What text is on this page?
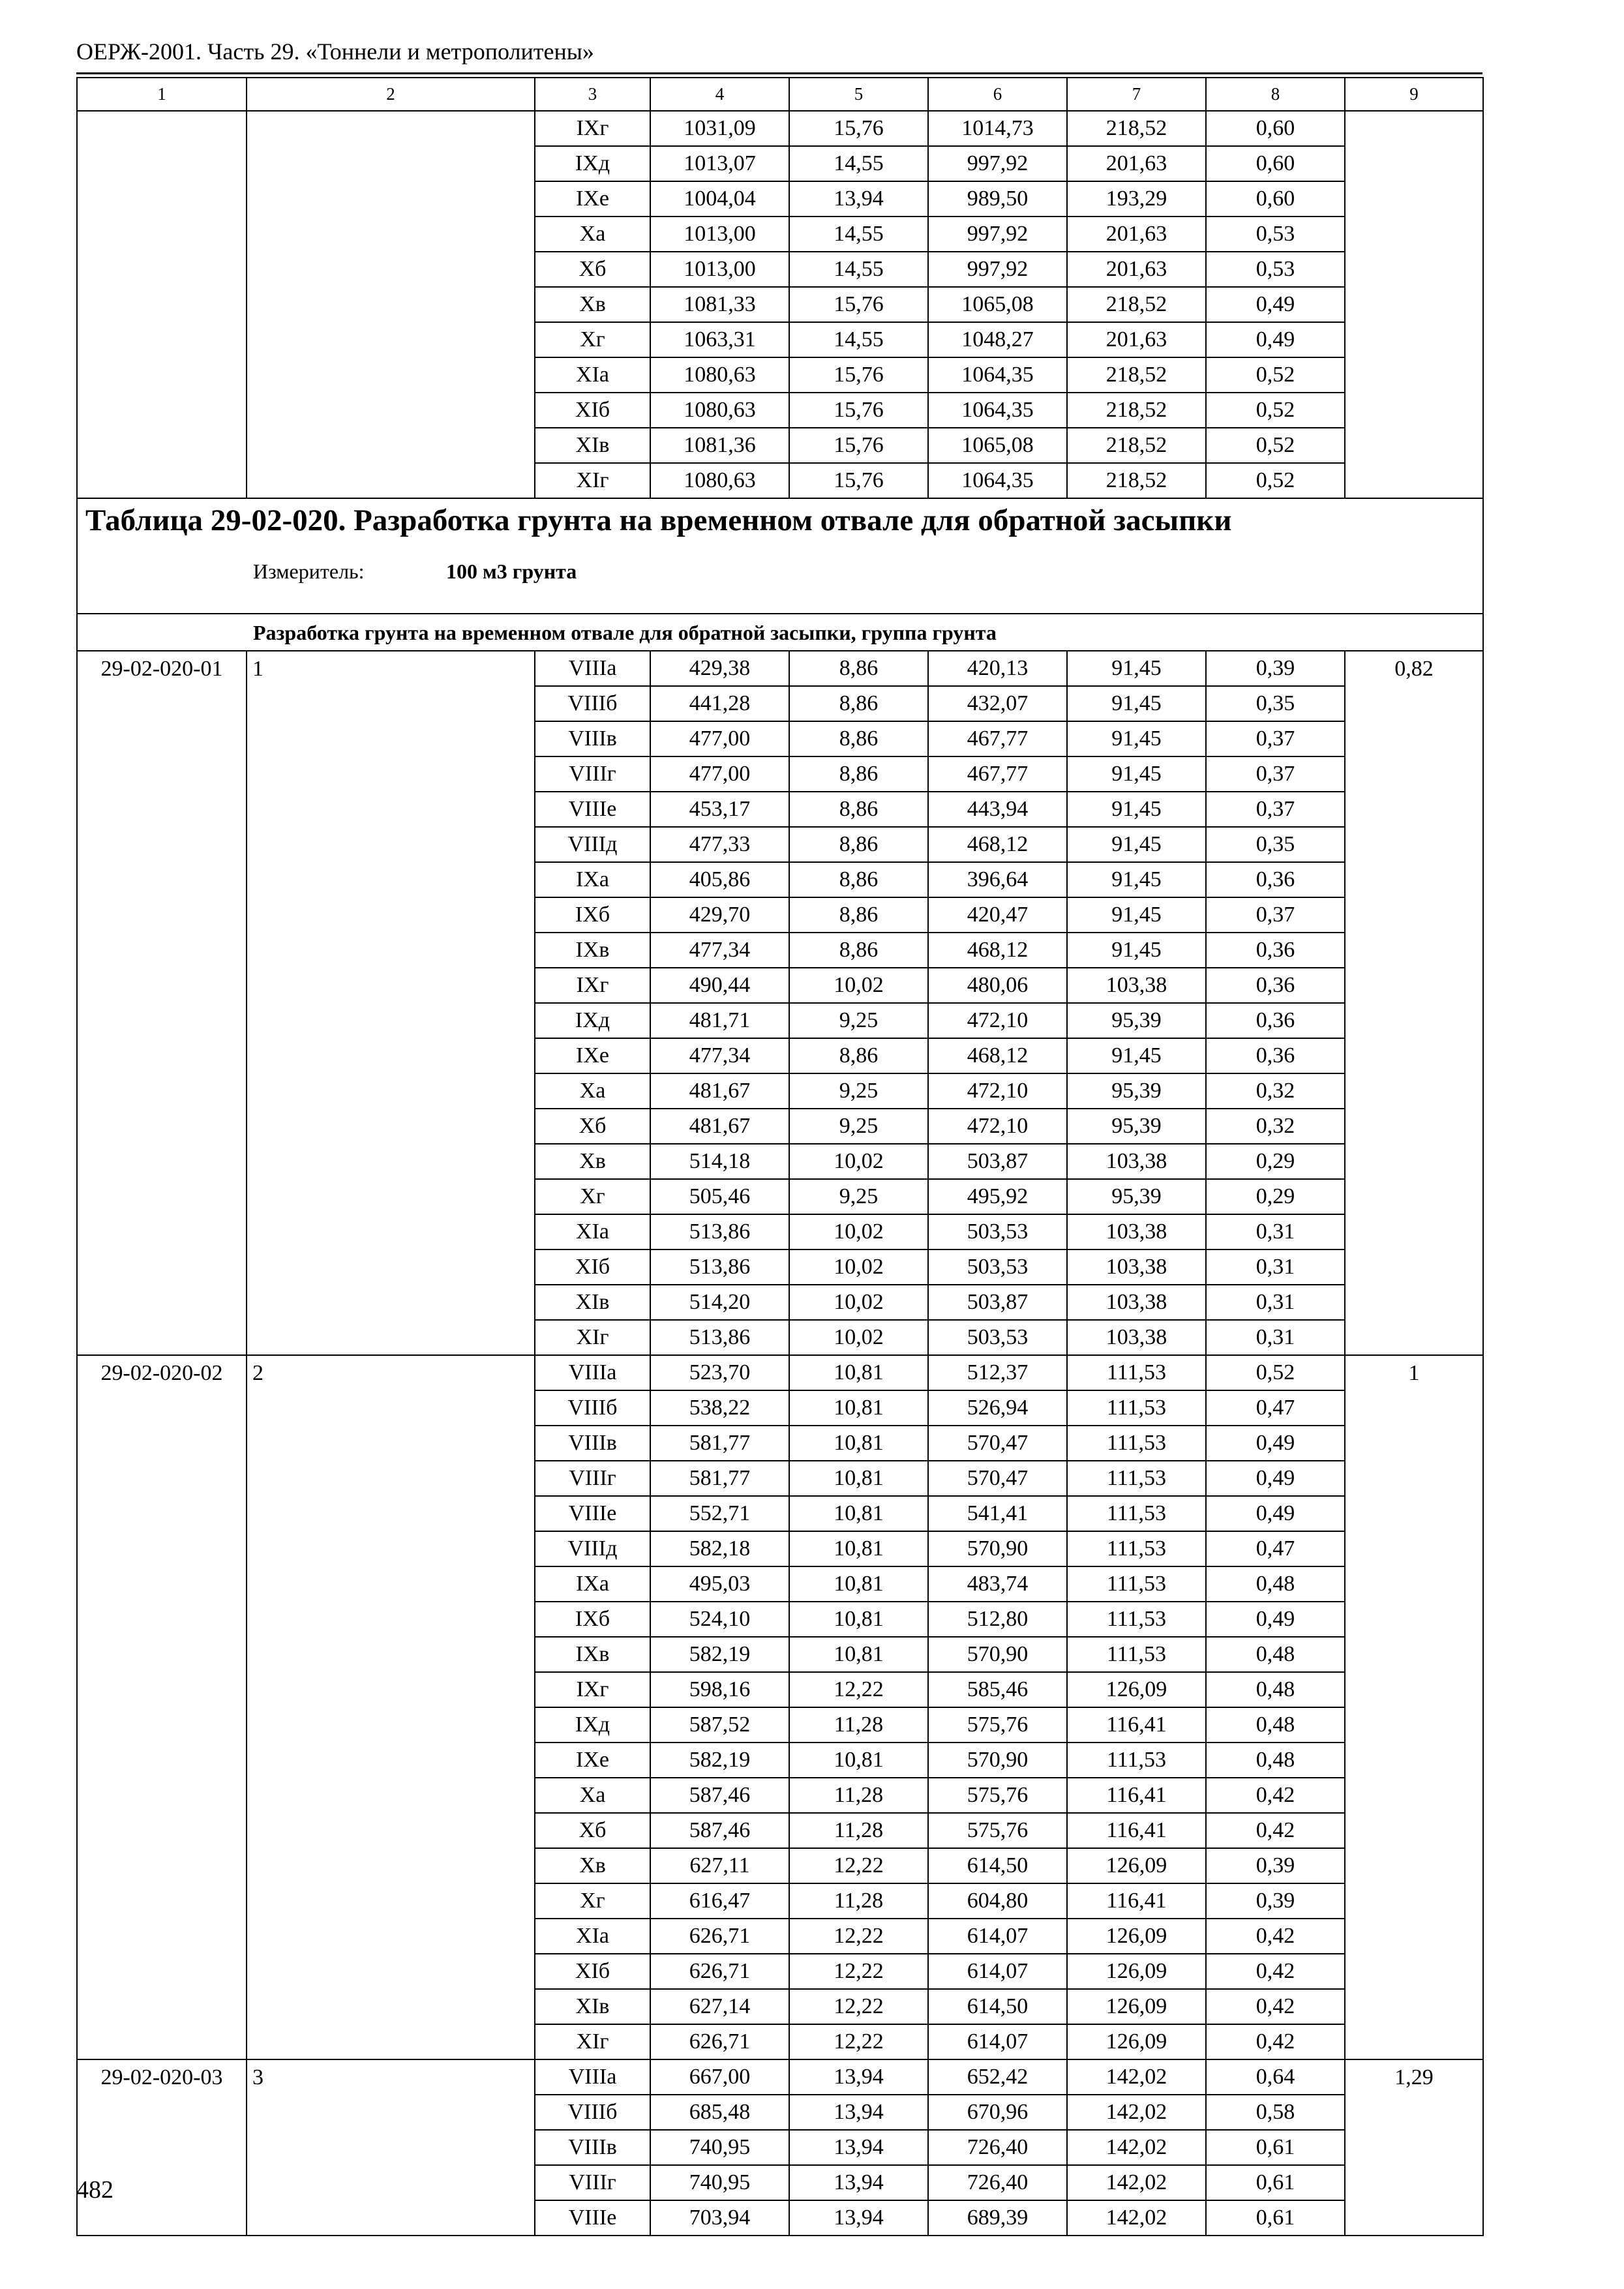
ОЕРЖ-2001. Часть 29. «Тоннели и метрополитены»
1	2	3	4	5	6	7	8	9
		IXг	1031,09	15,76	1014,73	218,52	0,60	
		IXд	1013,07	14,55	997,92	201,63	0,60	
		IXе	1004,04	13,94	989,50	193,29	0,60	
		Xа	1013,00	14,55	997,92	201,63	0,53	
		Xб	1013,00	14,55	997,92	201,63	0,53	
		Xв	1081,33	15,76	1065,08	218,52	0,49	
		Xг	1063,31	14,55	1048,27	201,63	0,49	
		XIа	1080,63	15,76	1064,35	218,52	0,52	
		XIб	1080,63	15,76	1064,35	218,52	0,52	
		XIв	1081,36	15,76	1065,08	218,52	0,52	
		XIг	1080,63	15,76	1064,35	218,52	0,52	

Таблица 29-02-020. Разработка грунта на временном отвале для обратной засыпки
Измеритель: 100 м3 грунта								

Разработка грунта на временном отвале для обратной засыпки, группа грунта								
29-02-020-01	1	VIIIа	429,38	8,86	420,13	91,45	0,39	0,82
		VIIIб	441,28	8,86	432,07	91,45	0,35	
		VIIIв	477,00	8,86	467,77	91,45	0,37	
		VIIIг	477,00	8,86	467,77	91,45	0,37	
		VIIIе	453,17	8,86	443,94	91,45	0,37	
		VIIIд	477,33	8,86	468,12	91,45	0,35	
		IXа	405,86	8,86	396,64	91,45	0,36	
		IXб	429,70	8,86	420,47	91,45	0,37	
		IXв	477,34	8,86	468,12	91,45	0,36	
		IXг	490,44	10,02	480,06	103,38	0,36	
		IXд	481,71	9,25	472,10	95,39	0,36	
		IXе	477,34	8,86	468,12	91,45	0,36	
		Xа	481,67	9,25	472,10	95,39	0,32	
		Xб	481,67	9,25	472,10	95,39	0,32	
		Xв	514,18	10,02	503,87	103,38	0,29	
		Xг	505,46	9,25	495,92	95,39	0,29	
		XIа	513,86	10,02	503,53	103,38	0,31	
		XIб	513,86	10,02	503,53	103,38	0,31	
		XIв	514,20	10,02	503,87	103,38	0,31	
		XIг	513,86	10,02	503,53	103,38	0,31	
29-02-020-02	2	VIIIа	523,70	10,81	512,37	111,53	0,52	1
		VIIIб	538,22	10,81	526,94	111,53	0,47	
		VIIIв	581,77	10,81	570,47	111,53	0,49	
		VIIIг	581,77	10,81	570,47	111,53	0,49	
		VIIIе	552,71	10,81	541,41	111,53	0,49	
		VIIIд	582,18	10,81	570,90	111,53	0,47	
		IXа	495,03	10,81	483,74	111,53	0,48	
		IXб	524,10	10,81	512,80	111,53	0,49	
		IXв	582,19	10,81	570,90	111,53	0,48	
		IXг	598,16	12,22	585,46	126,09	0,48	
		IXд	587,52	11,28	575,76	116,41	0,48	
		IXе	582,19	10,81	570,90	111,53	0,48	
		Xа	587,46	11,28	575,76	116,41	0,42	
		Xб	587,46	11,28	575,76	116,41	0,42	
		Xв	627,11	12,22	614,50	126,09	0,39	
		Xг	616,47	11,28	604,80	116,41	0,39	
		XIа	626,71	12,22	614,07	126,09	0,42	
		XIб	626,71	12,22	614,07	126,09	0,42	
		XIв	627,14	12,22	614,50	126,09	0,42	
		XIг	626,71	12,22	614,07	126,09	0,42	
29-02-020-03	3	VIIIа	667,00	13,94	652,42	142,02	0,64	1,29
		VIIIб	685,48	13,94	670,96	142,02	0,58	
		VIIIв	740,95	13,94	726,40	142,02	0,61	
		VIIIг	740,95	13,94	726,40	142,02	0,61	
		VIIIе	703,94	13,94	689,39	142,02	0,61	
482
